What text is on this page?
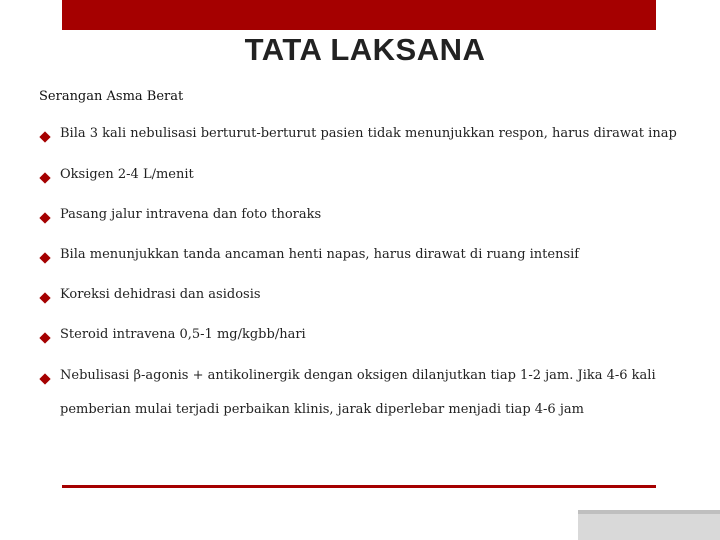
TATA LAKSANA
Serangan Asma Berat
Bila 3 kali nebulisasi berturut-berturut pasien tidak menunjukkan respon, harus dirawat inap
Oksigen 2-4 L/menit
Pasang jalur intravena dan foto thoraks
Bila menunjukkan tanda ancaman henti napas, harus dirawat di ruang intensif
Koreksi dehidrasi dan asidosis
Steroid intravena 0,5-1 mg/kgbb/hari
Nebulisasi β-agonis + antikolinergik dengan oksigen dilanjutkan tiap 1-2 jam. Jika 4-6 kali pemberian mulai terjadi perbaikan klinis, jarak diperlebar menjadi tiap 4-6 jam
